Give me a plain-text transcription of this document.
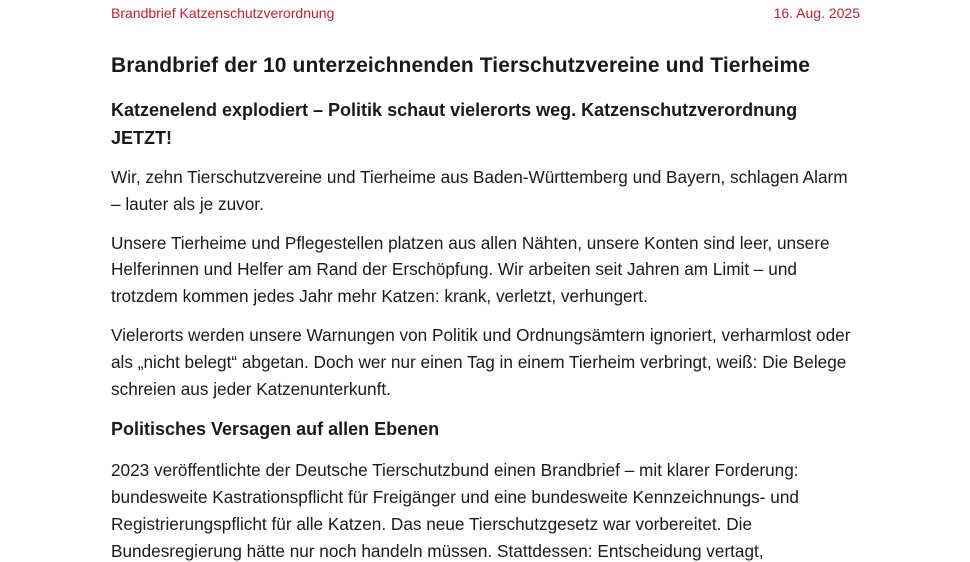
Brandbrief Katzenschutzverordnung	16. Aug. 2025
Brandbrief der 10 unterzeichnenden Tierschutzvereine und Tierheime
Katzenelend explodiert – Politik schaut vielerorts weg. Katzenschutzverordnung JETZT!

Wir, zehn Tierschutzvereine und Tierheime aus Baden-Württemberg und Bayern, schlagen Alarm – lauter als je zuvor.

Unsere Tierheime und Pflegestellen platzen aus allen Nähten, unsere Konten sind leer, unsere Helferinnen und Helfer am Rand der Erschöpfung. Wir arbeiten seit Jahren am Limit – und trotzdem kommen jedes Jahr mehr Katzen: krank, verletzt, verhungert.

Vielerorts werden unsere Warnungen von Politik und Ordnungsämtern ignoriert, verharmlost oder als „nicht belegt“ abgetan. Doch wer nur einen Tag in einem Tierheim verbringt, weiß: Die Belege schreien aus jeder Katzenunterkunft.

Politisches Versagen auf allen Ebenen

2023 veröffentlichte der Deutsche Tierschutzbund einen Brandbrief – mit klarer Forderung: bundesweite Kastrationspflicht für Freigänger und eine bundesweite Kennzeichnungs- und Registrierungspflicht für alle Katzen. Das neue Tierschutzgesetz war vorbereitet. Die Bundesregierung hätte nur noch handeln müssen. Stattdessen: Entscheidung vertagt,
